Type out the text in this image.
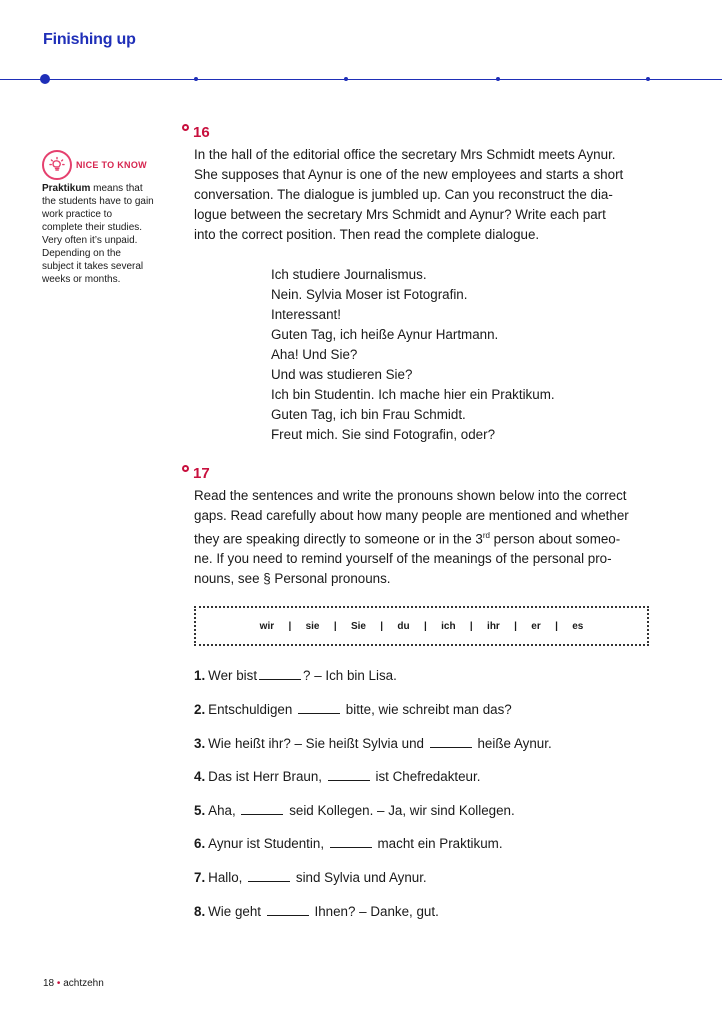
Finishing up
NICE TO KNOW
Praktikum means that the students have to gain work practice to complete their studies. Very often it’s unpaid. Depending on the subject it takes several weeks or months.
16
In the hall of the editorial office the secretary Mrs Schmidt meets Aynur.
She supposes that Aynur is one of the new employees and starts a short
conversation. The dialogue is jumbled up. Can you reconstruct the dia-
logue between the secretary Mrs Schmidt and Aynur? Write each part
into the correct position. Then read the complete dialogue.
Ich studiere Journalismus.
Nein. Sylvia Moser ist Fotografin.
Interessant!
Guten Tag, ich heiße Aynur Hartmann.
Aha! Und Sie?
Und was studieren Sie?
Ich bin Studentin. Ich mache hier ein Praktikum.
Guten Tag, ich bin Frau Schmidt.
Freut mich. Sie sind Fotografin, oder?
17
Read the sentences and write the pronouns shown below into the correct
gaps. Read carefully about how many people are mentioned and whether
they are speaking directly to someone or in the 3rd person about someo-
ne. If you need to remind yourself of the meanings of the personal pro-
nouns, see § Personal pronouns.
wir   |   sie   |   Sie   |   du   |   ich   |   ihr   |   er   |   es
1. Wer bist	? – Ich bin Lisa.
2. Entschuldigen	bitte, wie schreibt man das?
3. Wie heißt ihr? – Sie heißt Sylvia und	heiße Aynur.
4. Das ist Herr Braun,	ist Chefredakteur.
5. Aha,	seid Kollegen. – Ja, wir sind Kollegen.
6. Aynur ist Studentin,	macht ein Praktikum.
7. Hallo,	sind Sylvia und Aynur.
8. Wie geht	Ihnen? – Danke, gut.
18 • achtzehn
